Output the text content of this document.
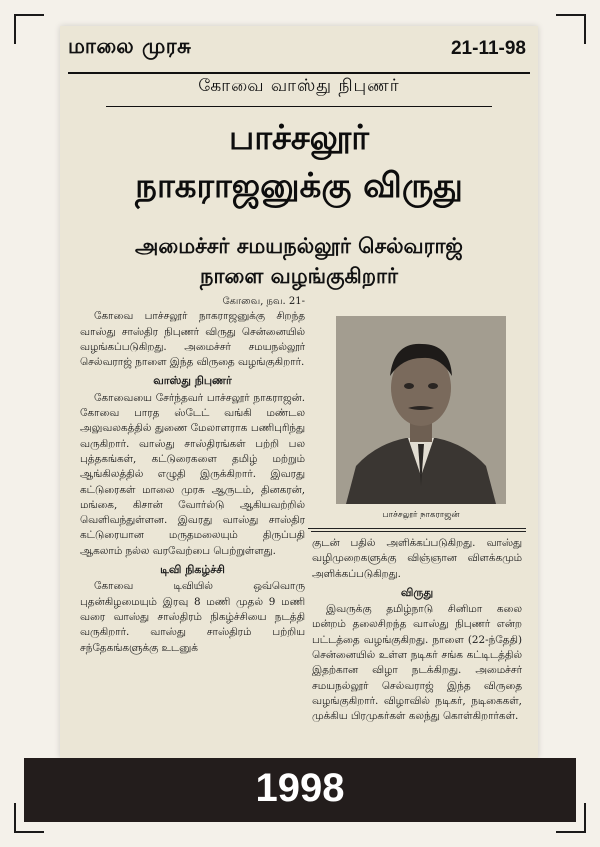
மாலை முரசு	21-11-98
கோவை வாஸ்து நிபுணர்
பாச்சலூர்
நாகராஜனுக்கு விருது
அமைச்சர் சமயநல்லூர் செல்வராஜ்
நாளை வழங்குகிறார்

கோவை, நவ. 21-

கோவை பாச்சலூர் நாகராஜனுக்கு சிறந்த வாஸ்து சாஸ்திர நிபுணர் விருது சென்னையில் வழங்கப்படுகிறது. அமைச்சர் சமயநல்லூர் செல்வராஜ் நாளை இந்த விருதை வழங்குகிறார்.

வாஸ்து நிபுணர்

கோவையை சேர்ந்தவர் பாச்சலூர் நாகராஜன். கோவை பாரத ஸ்டேட் வங்கி மண்டல அலுவலகத்தில் துணை மேலாளராக பணிபுரிந்து வருகிறார். வாஸ்து சாஸ்திரங்கள் பற்றி பல புத்தகங்கள், கட்டுரைகளை தமிழ் மற்றும் ஆங்கிலத்தில் எழுதி இருக்கிறார். இவரது கட்டுரைகள் மாலை முரசு ஆருடம், தினகரன், மங்கை, கிசான் வோர்ல்டு ஆகியவற்றில் வெளிவந்துள்ளன. இவரது வாஸ்து சாஸ்திர கட்டுரையான மருதமலையும் திருப்பதி ஆகலாம் நல்ல வரவேற்பை பெற்றுள்ளது.

டிவி நிகழ்ச்சி

கோவை டிவியில் ஒவ்வொரு புதன்கிழமையும் இரவு 8 மணி முதல் 9 மணி வரை வாஸ்து சாஸ்திரம் நிகழ்ச்சியை நடத்தி வருகிறார். வாஸ்து சாஸ்திரம் பற்றிய சந்தேகங்களுக்கு உடனுக்

பாச்சலூர் நாகராஜன்

குடன் பதில் அளிக்கப்படுகிறது. வாஸ்து வழிமுறைகளுக்கு விஞ்ஞான விளக்கமும் அளிக்கப்படுகிறது.

விருது

இவருக்கு தமிழ்நாடு சினிமா கலை மன்றம் தலைசிறந்த வாஸ்து நிபுணர் என்ற பட்டத்தை வழங்குகிறது. நாளை (22-ந்தேதி) சென்னையில் உள்ள நடிகர் சங்க கட்டிடத்தில் இதற்கான விழா நடக்கிறது. அமைச்சர் சமயநல்லூர் செல்வராஜ் இந்த விருதை வழங்குகிறார். விழாவில் நடிகர், நடிகைகள், முக்கிய பிரமுகர்கள் கலந்து கொள்கிறார்கள்.

1998
